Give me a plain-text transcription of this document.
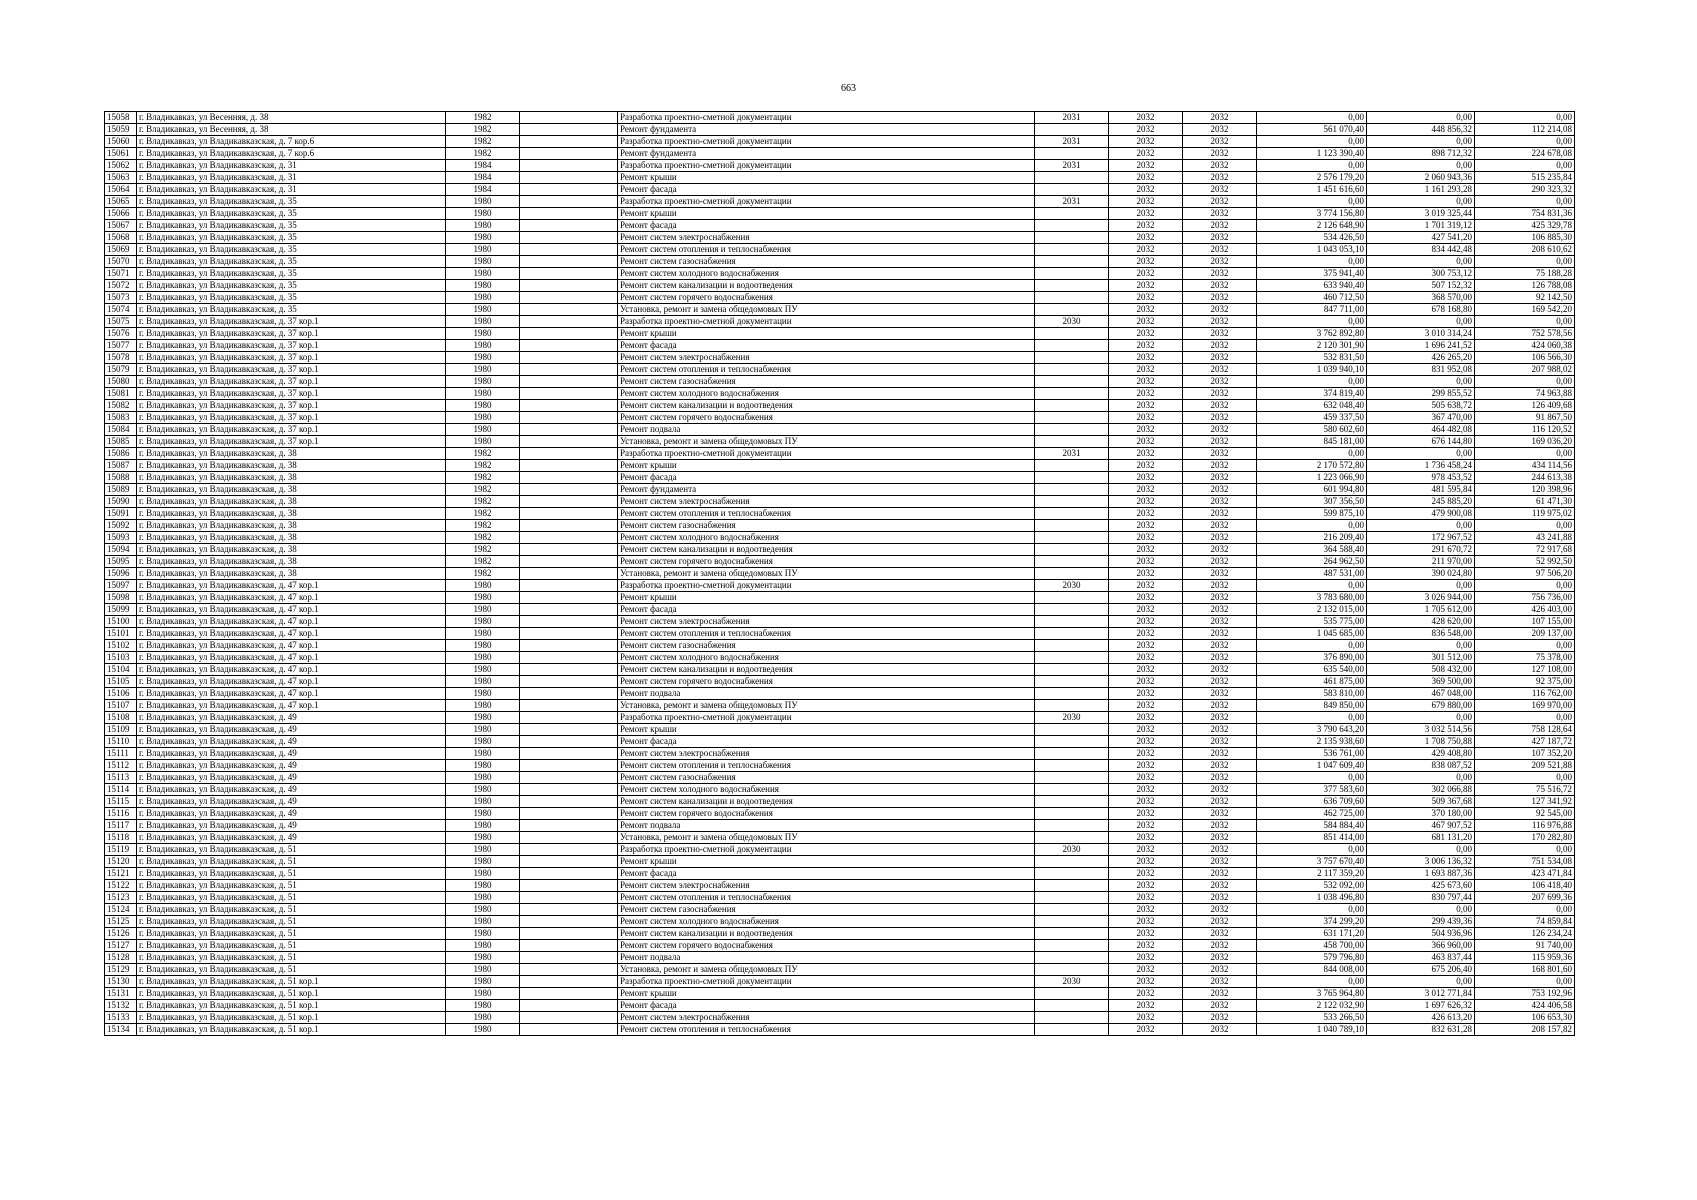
663
15058	г. Владикавказ, ул Весенняя, д. 38	1982		Разработка проектно-сметной документации	2031	2032	2032	0,00	0,00	0,00
15059	г. Владикавказ, ул Весенняя, д. 38	1982		Ремонт фундамента		2032	2032	561 070,40	448 856,32	112 214,08
15060	г. Владикавказ, ул Владикавказская, д. 7 кор.6	1982		Разработка проектно-сметной документации	2031	2032	2032	0,00	0,00	0,00
15061	г. Владикавказ, ул Владикавказская, д. 7 кор.6	1982		Ремонт фундамента		2032	2032	1 123 390,40	898 712,32	224 678,08
15062	г. Владикавказ, ул Владикавказская, д. 31	1984		Разработка проектно-сметной документации	2031	2032	2032	0,00	0,00	0,00
15063	г. Владикавказ, ул Владикавказская, д. 31	1984		Ремонт крыши		2032	2032	2 576 179,20	2 060 943,36	515 235,84
15064	г. Владикавказ, ул Владикавказская, д. 31	1984		Ремонт фасада		2032	2032	1 451 616,60	1 161 293,28	290 323,32
15065	г. Владикавказ, ул Владикавказская, д. 35	1980		Разработка проектно-сметной документации	2031	2032	2032	0,00	0,00	0,00
15066	г. Владикавказ, ул Владикавказская, д. 35	1980		Ремонт крыши		2032	2032	3 774 156,80	3 019 325,44	754 831,36
15067	г. Владикавказ, ул Владикавказская, д. 35	1980		Ремонт фасада		2032	2032	2 126 648,90	1 701 319,12	425 329,78
15068	г. Владикавказ, ул Владикавказская, д. 35	1980		Ремонт систем электроснабжения		2032	2032	534 426,50	427 541,20	106 885,30
15069	г. Владикавказ, ул Владикавказская, д. 35	1980		Ремонт систем отопления и теплоснабжения		2032	2032	1 043 053,10	834 442,48	208 610,62
15070	г. Владикавказ, ул Владикавказская, д. 35	1980		Ремонт систем газоснабжения		2032	2032	0,00	0,00	0,00
15071	г. Владикавказ, ул Владикавказская, д. 35	1980		Ремонт систем холодного водоснабжения		2032	2032	375 941,40	300 753,12	75 188,28
15072	г. Владикавказ, ул Владикавказская, д. 35	1980		Ремонт систем канализации и водоотведения		2032	2032	633 940,40	507 152,32	126 788,08
15073	г. Владикавказ, ул Владикавказская, д. 35	1980		Ремонт систем горячего водоснабжения		2032	2032	460 712,50	368 570,00	92 142,50
15074	г. Владикавказ, ул Владикавказская, д. 35	1980		Установка, ремонт и замена общедомовых ПУ		2032	2032	847 711,00	678 168,80	169 542,20
15075	г. Владикавказ, ул Владикавказская, д. 37 кор.1	1980		Разработка проектно-сметной документации	2030	2032	2032	0,00	0,00	0,00
15076	г. Владикавказ, ул Владикавказская, д. 37 кор.1	1980		Ремонт крыши		2032	2032	3 762 892,80	3 010 314,24	752 578,56
15077	г. Владикавказ, ул Владикавказская, д. 37 кор.1	1980		Ремонт фасада		2032	2032	2 120 301,90	1 696 241,52	424 060,38
15078	г. Владикавказ, ул Владикавказская, д. 37 кор.1	1980		Ремонт систем электроснабжения		2032	2032	532 831,50	426 265,20	106 566,30
15079	г. Владикавказ, ул Владикавказская, д. 37 кор.1	1980		Ремонт систем отопления и теплоснабжения		2032	2032	1 039 940,10	831 952,08	207 988,02
15080	г. Владикавказ, ул Владикавказская, д. 37 кор.1	1980		Ремонт систем газоснабжения		2032	2032	0,00	0,00	0,00
15081	г. Владикавказ, ул Владикавказская, д. 37 кор.1	1980		Ремонт систем холодного водоснабжения		2032	2032	374 819,40	299 855,52	74 963,88
15082	г. Владикавказ, ул Владикавказская, д. 37 кор.1	1980		Ремонт систем канализации и водоотведения		2032	2032	632 048,40	505 638,72	126 409,68
15083	г. Владикавказ, ул Владикавказская, д. 37 кор.1	1980		Ремонт систем горячего водоснабжения		2032	2032	459 337,50	367 470,00	91 867,50
15084	г. Владикавказ, ул Владикавказская, д. 37 кор.1	1980		Ремонт подвала		2032	2032	580 602,60	464 482,08	116 120,52
15085	г. Владикавказ, ул Владикавказская, д. 37 кор.1	1980		Установка, ремонт и замена общедомовых ПУ		2032	2032	845 181,00	676 144,80	169 036,20
15086	г. Владикавказ, ул Владикавказская, д. 38	1982		Разработка проектно-сметной документации	2031	2032	2032	0,00	0,00	0,00
15087	г. Владикавказ, ул Владикавказская, д. 38	1982		Ремонт крыши		2032	2032	2 170 572,80	1 736 458,24	434 114,56
15088	г. Владикавказ, ул Владикавказская, д. 38	1982		Ремонт фасада		2032	2032	1 223 066,90	978 453,52	244 613,38
15089	г. Владикавказ, ул Владикавказская, д. 38	1982		Ремонт фундамента		2032	2032	601 994,80	481 595,84	120 398,96
15090	г. Владикавказ, ул Владикавказская, д. 38	1982		Ремонт систем электроснабжения		2032	2032	307 356,50	245 885,20	61 471,30
15091	г. Владикавказ, ул Владикавказская, д. 38	1982		Ремонт систем отопления и теплоснабжения		2032	2032	599 875,10	479 900,08	119 975,02
15092	г. Владикавказ, ул Владикавказская, д. 38	1982		Ремонт систем газоснабжения		2032	2032	0,00	0,00	0,00
15093	г. Владикавказ, ул Владикавказская, д. 38	1982		Ремонт систем холодного водоснабжения		2032	2032	216 209,40	172 967,52	43 241,88
15094	г. Владикавказ, ул Владикавказская, д. 38	1982		Ремонт систем канализации и водоотведения		2032	2032	364 588,40	291 670,72	72 917,68
15095	г. Владикавказ, ул Владикавказская, д. 38	1982		Ремонт систем горячего водоснабжения		2032	2032	264 962,50	211 970,00	52 992,50
15096	г. Владикавказ, ул Владикавказская, д. 38	1982		Установка, ремонт и замена общедомовых ПУ		2032	2032	487 531,00	390 024,80	97 506,20
15097	г. Владикавказ, ул Владикавказская, д. 47 кор.1	1980		Разработка проектно-сметной документации	2030	2032	2032	0,00	0,00	0,00
15098	г. Владикавказ, ул Владикавказская, д. 47 кор.1	1980		Ремонт крыши		2032	2032	3 783 680,00	3 026 944,00	756 736,00
15099	г. Владикавказ, ул Владикавказская, д. 47 кор.1	1980		Ремонт фасада		2032	2032	2 132 015,00	1 705 612,00	426 403,00
15100	г. Владикавказ, ул Владикавказская, д. 47 кор.1	1980		Ремонт систем электроснабжения		2032	2032	535 775,00	428 620,00	107 155,00
15101	г. Владикавказ, ул Владикавказская, д. 47 кор.1	1980		Ремонт систем отопления и теплоснабжения		2032	2032	1 045 685,00	836 548,00	209 137,00
15102	г. Владикавказ, ул Владикавказская, д. 47 кор.1	1980		Ремонт систем газоснабжения		2032	2032	0,00	0,00	0,00
15103	г. Владикавказ, ул Владикавказская, д. 47 кор.1	1980		Ремонт систем холодного водоснабжения		2032	2032	376 890,00	301 512,00	75 378,00
15104	г. Владикавказ, ул Владикавказская, д. 47 кор.1	1980		Ремонт систем канализации и водоотведения		2032	2032	635 540,00	508 432,00	127 108,00
15105	г. Владикавказ, ул Владикавказская, д. 47 кор.1	1980		Ремонт систем горячего водоснабжения		2032	2032	461 875,00	369 500,00	92 375,00
15106	г. Владикавказ, ул Владикавказская, д. 47 кор.1	1980		Ремонт подвала		2032	2032	583 810,00	467 048,00	116 762,00
15107	г. Владикавказ, ул Владикавказская, д. 47 кор.1	1980		Установка, ремонт и замена общедомовых ПУ		2032	2032	849 850,00	679 880,00	169 970,00
15108	г. Владикавказ, ул Владикавказская, д. 49	1980		Разработка проектно-сметной документации	2030	2032	2032	0,00	0,00	0,00
15109	г. Владикавказ, ул Владикавказская, д. 49	1980		Ремонт крыши		2032	2032	3 790 643,20	3 032 514,56	758 128,64
15110	г. Владикавказ, ул Владикавказская, д. 49	1980		Ремонт фасада		2032	2032	2 135 938,60	1 708 750,88	427 187,72
15111	г. Владикавказ, ул Владикавказская, д. 49	1980		Ремонт систем электроснабжения		2032	2032	536 761,00	429 408,80	107 352,20
15112	г. Владикавказ, ул Владикавказская, д. 49	1980		Ремонт систем отопления и теплоснабжения		2032	2032	1 047 609,40	838 087,52	209 521,88
15113	г. Владикавказ, ул Владикавказская, д. 49	1980		Ремонт систем газоснабжения		2032	2032	0,00	0,00	0,00
15114	г. Владикавказ, ул Владикавказская, д. 49	1980		Ремонт систем холодного водоснабжения		2032	2032	377 583,60	302 066,88	75 516,72
15115	г. Владикавказ, ул Владикавказская, д. 49	1980		Ремонт систем канализации и водоотведения		2032	2032	636 709,60	509 367,68	127 341,92
15116	г. Владикавказ, ул Владикавказская, д. 49	1980		Ремонт систем горячего водоснабжения		2032	2032	462 725,00	370 180,00	92 545,00
15117	г. Владикавказ, ул Владикавказская, д. 49	1980		Ремонт подвала		2032	2032	584 884,40	467 907,52	116 976,88
15118	г. Владикавказ, ул Владикавказская, д. 49	1980		Установка, ремонт и замена общедомовых ПУ		2032	2032	851 414,00	681 131,20	170 282,80
15119	г. Владикавказ, ул Владикавказская, д. 51	1980		Разработка проектно-сметной документации	2030	2032	2032	0,00	0,00	0,00
15120	г. Владикавказ, ул Владикавказская, д. 51	1980		Ремонт крыши		2032	2032	3 757 670,40	3 006 136,32	751 534,08
15121	г. Владикавказ, ул Владикавказская, д. 51	1980		Ремонт фасада		2032	2032	2 117 359,20	1 693 887,36	423 471,84
15122	г. Владикавказ, ул Владикавказская, д. 51	1980		Ремонт систем электроснабжения		2032	2032	532 092,00	425 673,60	106 418,40
15123	г. Владикавказ, ул Владикавказская, д. 51	1980		Ремонт систем отопления и теплоснабжения		2032	2032	1 038 496,80	830 797,44	207 699,36
15124	г. Владикавказ, ул Владикавказская, д. 51	1980		Ремонт систем газоснабжения		2032	2032	0,00	0,00	0,00
15125	г. Владикавказ, ул Владикавказская, д. 51	1980		Ремонт систем холодного водоснабжения		2032	2032	374 299,20	299 439,36	74 859,84
15126	г. Владикавказ, ул Владикавказская, д. 51	1980		Ремонт систем канализации и водоотведения		2032	2032	631 171,20	504 936,96	126 234,24
15127	г. Владикавказ, ул Владикавказская, д. 51	1980		Ремонт систем горячего водоснабжения		2032	2032	458 700,00	366 960,00	91 740,00
15128	г. Владикавказ, ул Владикавказская, д. 51	1980		Ремонт подвала		2032	2032	579 796,80	463 837,44	115 959,36
15129	г. Владикавказ, ул Владикавказская, д. 51	1980		Установка, ремонт и замена общедомовых ПУ		2032	2032	844 008,00	675 206,40	168 801,60
15130	г. Владикавказ, ул Владикавказская, д. 51 кор.1	1980		Разработка проектно-сметной документации	2030	2032	2032	0,00	0,00	0,00
15131	г. Владикавказ, ул Владикавказская, д. 51 кор.1	1980		Ремонт крыши		2032	2032	3 765 964,80	3 012 771,84	753 192,96
15132	г. Владикавказ, ул Владикавказская, д. 51 кор.1	1980		Ремонт фасада		2032	2032	2 122 032,90	1 697 626,32	424 406,58
15133	г. Владикавказ, ул Владикавказская, д. 51 кор.1	1980		Ремонт систем электроснабжения		2032	2032	533 266,50	426 613,20	106 653,30
15134	г. Владикавказ, ул Владикавказская, д. 51 кор.1	1980		Ремонт систем отопления и теплоснабжения		2032	2032	1 040 789,10	832 631,28	208 157,82
